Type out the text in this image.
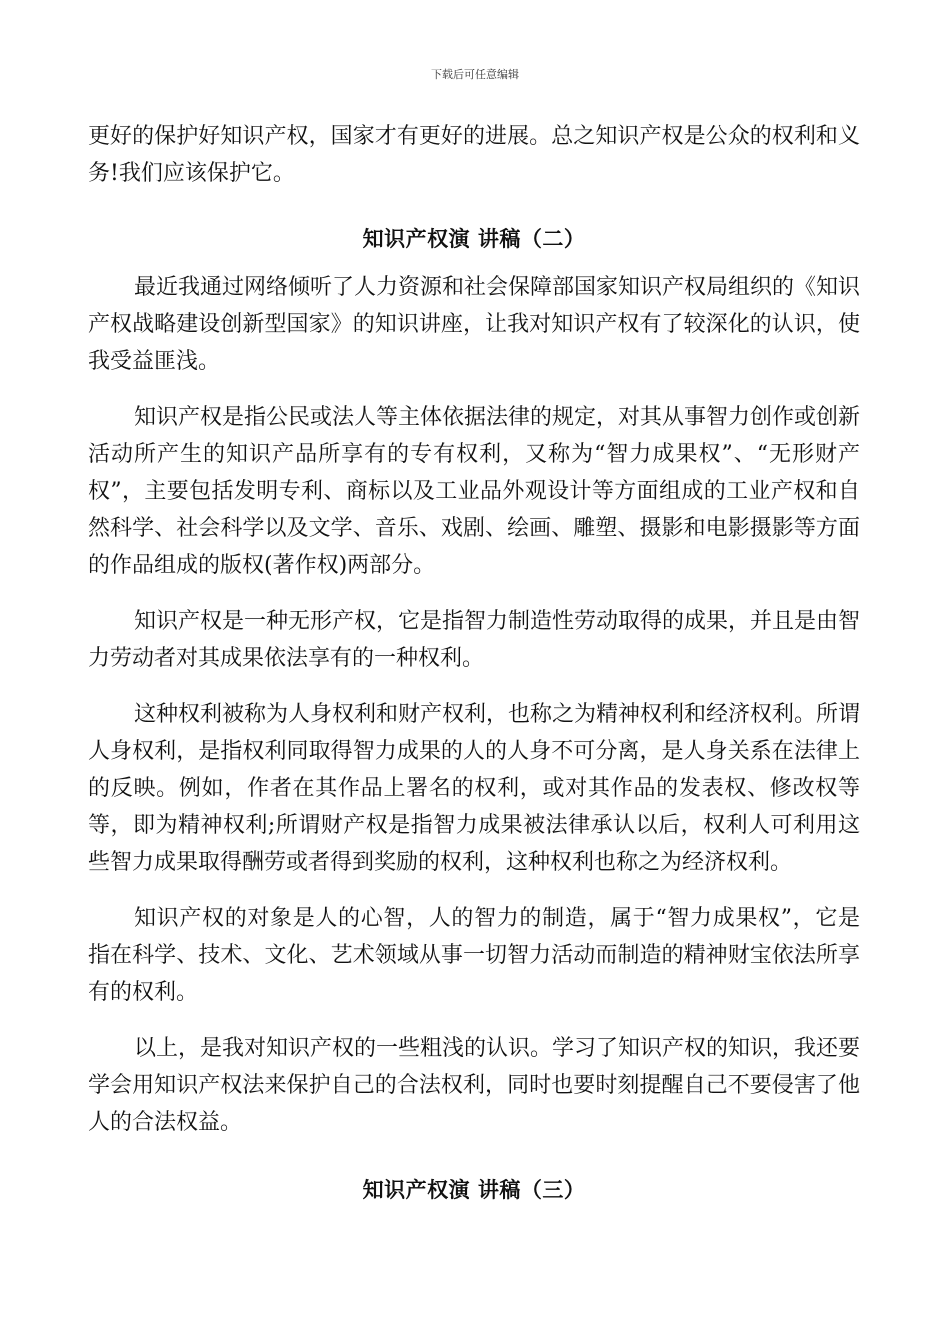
下载后可任意编辑

更好的保护好知识产权，国家才有更好的进展。总之知识产权是公众的权利和义务!我们应该保护它。

知识产权演 讲稿（二）

最近我通过网络倾听了人力资源和社会保障部国家知识产权局组织的《知识产权战略建设创新型国家》的知识讲座，让我对知识产权有了较深化的认识，使我受益匪浅。

知识产权是指公民或法人等主体依据法律的规定，对其从事智力创作或创新活动所产生的知识产品所享有的专有权利，又称为“智力成果权”、“无形财产权”，主要包括发明专利、商标以及工业品外观设计等方面组成的工业产权和自然科学、社会科学以及文学、音乐、戏剧、绘画、雕塑、摄影和电影摄影等方面的作品组成的版权(著作权)两部分。

知识产权是一种无形产权，它是指智力制造性劳动取得的成果，并且是由智力劳动者对其成果依法享有的一种权利。

这种权利被称为人身权利和财产权利，也称之为精神权利和经济权利。所谓人身权利，是指权利同取得智力成果的人的人身不可分离，是人身关系在法律上的反映。例如，作者在其作品上署名的权利，或对其作品的发表权、修改权等等，即为精神权利;所谓财产权是指智力成果被法律承认以后，权利人可利用这些智力成果取得酬劳或者得到奖励的权利，这种权利也称之为经济权利。

知识产权的对象是人的心智，人的智力的制造，属于“智力成果权”，它是指在科学、技术、文化、艺术领域从事一切智力活动而制造的精神财宝依法所享有的权利。

以上，是我对知识产权的一些粗浅的认识。学习了知识产权的知识，我还要学会用知识产权法来保护自己的合法权利，同时也要时刻提醒自己不要侵害了他人的合法权益。

知识产权演 讲稿（三）
